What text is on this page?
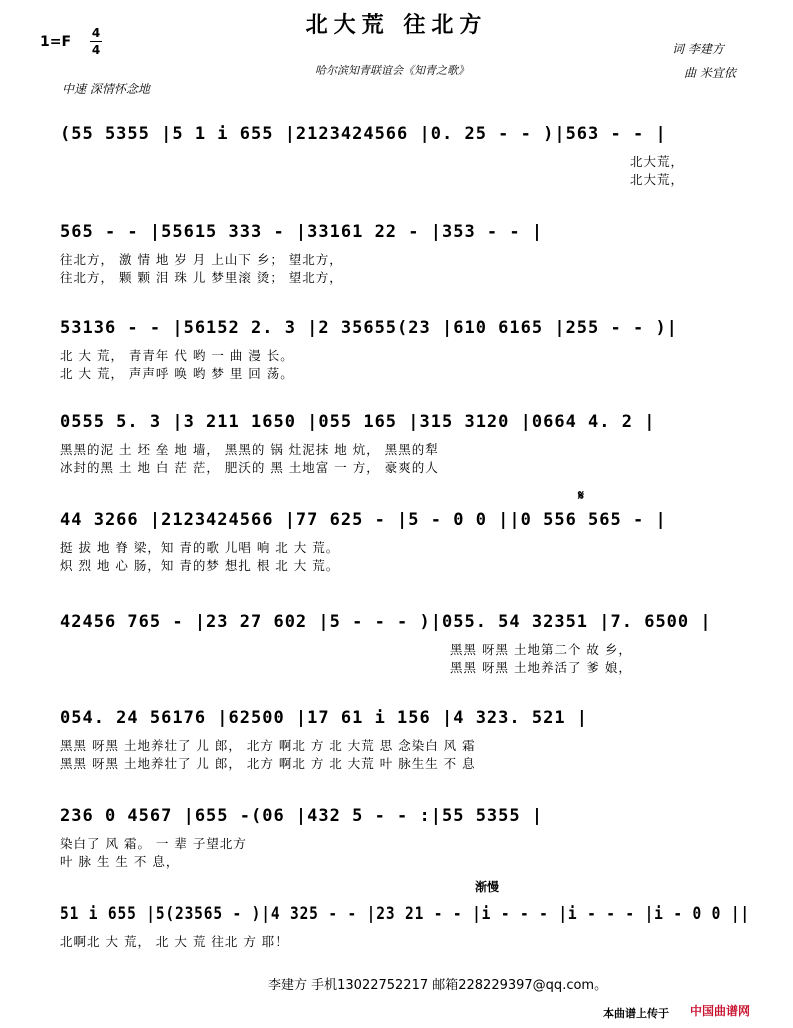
北大荒 往北方
1=F
4
4	词 李建方
曲 米宜依
哈尔滨知青联谊会《知青之歌》
中速 深情怀念地
(55 5355 |5 1 i 655 |2123424566 |0. 25 - - )|563 - - |
北大荒，
北大荒，
565 - - |55615 333 - |33161 22 - |353 - - |
往北方， 激 情 地 岁 月 上山下 乡； 望北方，
往北方， 颗 颗 泪 珠 儿 梦里滚 烫； 望北方，
53136 - - |56152 2. 3 |2 35655(23 |610 6165 |255 - - )|
北 大 荒， 青青年 代 哟 一 曲 漫 长。
北 大 荒， 声声呼 唤 哟 梦 里 回 荡。
0555 5. 3 |3 211 1650 |055 165 |315 3120 |0664 4. 2 |
黑黑的泥 土 坯 垒 地 墙， 黑黑的 锅 灶泥抹 地 炕， 黑黑的犁
冰封的黑 土 地 白 茫 茫， 肥沃的 黑 土地富 一 方， 豪爽的人
𝄋
44 3266 |2123424566 |77 625 - |5 - 0 0 ||0 556 565 - |
挺 拔 地 脊 梁，知 青的歌 儿唱 响 北 大 荒。
炽 烈 地 心 肠，知 青的梦 想扎 根 北 大 荒。
42456 765 - |23 27 602 |5 - - - )|055. 54 32351 |7. 6500 |
黑黑 呀黑 土地第二个 故 乡，
黑黑 呀黑 土地养活了 爹 娘，
054. 24 56176 |62500 |17 61 i 156 |4 323. 521 |
黑黑 呀黑 土地养壮了 儿 郎， 北方 啊北 方 北 大荒 思 念染白 风 霜
黑黑 呀黑 土地养壮了 儿 郎， 北方 啊北 方 北 大荒 叶 脉生生 不 息
236 0 4567 |655 -(06 |432 5 - - :|55 5355 |
染白了 风 霜。 一 辈 子望北方
叶 脉 生 生 不 息，
渐慢
51 i 655 |5(23565 - )|4 325 - - |23 21 - - |i - - - |i - - - |i - 0 0 ||
北啊北 大 荒， 北 大 荒 往北 方 耶！
李建方 手机13022752217 邮箱228229397@qq.com。
本曲谱上传于 中国曲谱网
